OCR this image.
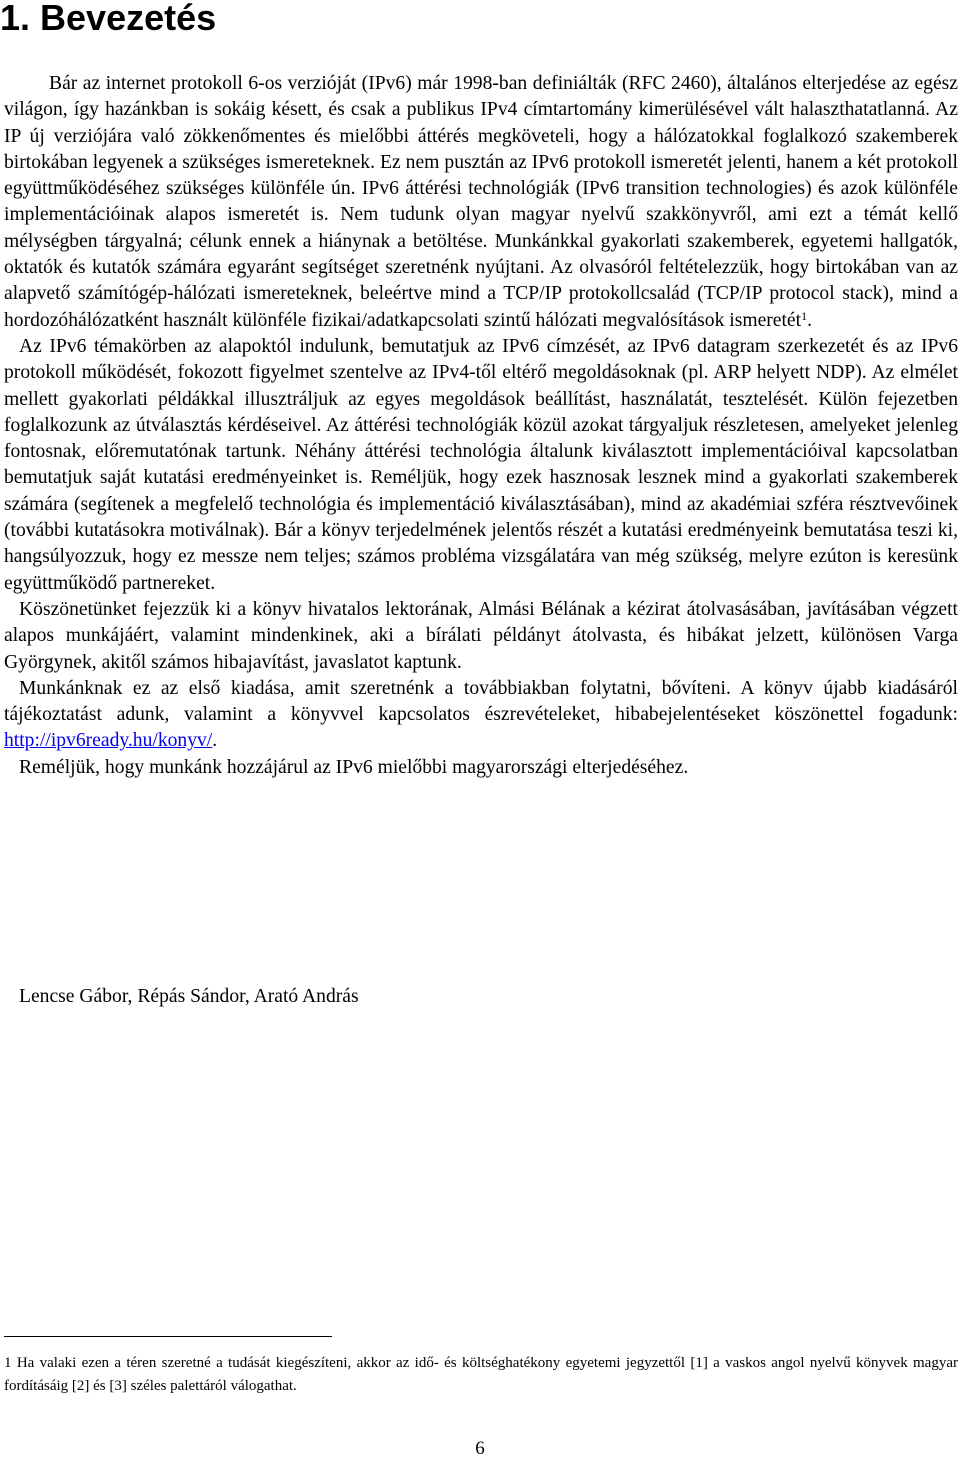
1. Bevezetés

Bár az internet protokoll 6-os verzióját (IPv6) már 1998-ban definiálták (RFC 2460), általános elterjedése az egész világon, így hazánkban is sokáig késett, és csak a publikus IPv4 címtartomány kimerülésével vált halaszthatatlanná. Az IP új verziójára való zökkenőmentes és mielőbbi áttérés megköveteli, hogy a hálózatokkal foglalkozó szakemberek birtokában legyenek a szükséges ismereteknek. Ez nem pusztán az IPv6 protokoll ismeretét jelenti, hanem a két protokoll együttműködéséhez szükséges különféle ún. IPv6 áttérési technológiák (IPv6 transition technologies) és azok különféle implementációinak alapos ismeretét is. Nem tudunk olyan magyar nyelvű szakkönyvről, ami ezt a témát kellő mélységben tárgyalná; célunk ennek a hiánynak a betöltése. Munkánkkal gyakorlati szakemberek, egyetemi hallgatók, oktatók és kutatók számára egyaránt segítséget szeretnénk nyújtani. Az olvasóról feltételezzük, hogy birtokában van az alapvető számítógép-hálózati ismereteknek, beleértve mind a TCP/IP protokollcsalád (TCP/IP protocol stack), mind a hordozóhálózatként használt különféle fizikai/adatkapcsolati szintű hálózati megvalósítások ismeretét$^1$.

Az IPv6 témakörben az alapoktól indulunk, bemutatjuk az IPv6 címzését, az IPv6 datagram szerkezetét és az IPv6 protokoll működését, fokozott figyelmet szentelve az IPv4-től eltérő megoldásoknak (pl. ARP helyett NDP). Az elmélet mellett gyakorlati példákkal illusztráljuk az egyes megoldások beállítást, használatát, tesztelését. Külön fejezetben foglalkozunk az útválasztás kérdéseivel. Az áttérési technológiák közül azokat tárgyaljuk részletesen, amelyeket jelenleg fontosnak, előremutatónak tartunk. Néhány áttérési technológia általunk kiválasztott implementációival kapcsolatban bemutatjuk saját kutatási eredményeinket is. Reméljük, hogy ezek hasznosak lesznek mind a gyakorlati szakemberek számára (segítenek a megfelelő technológia és implementáció kiválasztásában), mind az akadémiai szféra résztvevőinek (további kutatásokra motiválnak). Bár a könyv terjedelmének jelentős részét a kutatási eredményeink bemutatása teszi ki, hangsúlyozzuk, hogy ez messze nem teljes; számos probléma vizsgálatára van még szükség, melyre ezúton is keresünk együttműködő partnereket.

Köszönetünket fejezzük ki a könyv hivatalos lektorának, Almási Bélának a kézirat átolvasásában, javításában végzett alapos munkájáért, valamint mindenkinek, aki a bírálati példányt átolvasta, és hibákat jelzett, különösen Varga Györgynek, akitől számos hibajavítást, javaslatot kaptunk.

Munkánknak ez az első kiadása, amit szeretnénk a továbbiakban folytatni, bővíteni. A könyv újabb kiadásáról tájékoztatást adunk, valamint a könyvvel kapcsolatos észrevételeket, hibabejelentéseket köszönettel fogadunk: http://ipv6ready.hu/konyv/.

Reméljük, hogy munkánk hozzájárul az IPv6 mielőbbi magyarországi elterjedéséhez.

Lencse Gábor, Répás Sándor, Arató András
1 Ha valaki ezen a téren szeretné a tudását kiegészíteni, akkor az idő- és költséghatékony egyetemi jegyzettől [1] a vaskos angol nyelvű könyvek magyar fordításáig [2] és [3] széles palettáról válogathat.
6
